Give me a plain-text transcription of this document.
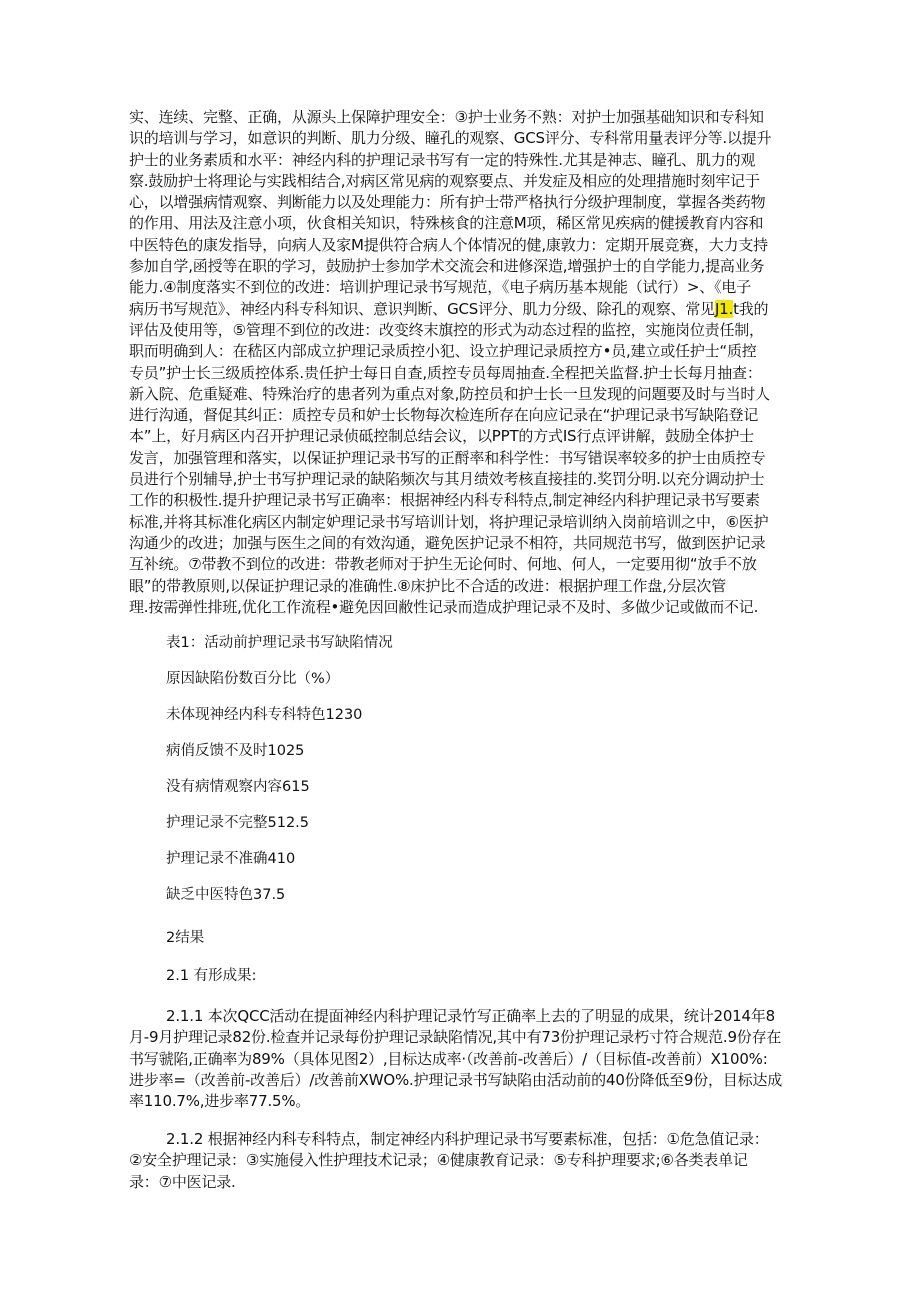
实、连续、完整、正确，从源头上保障护理安全：③护士业务不熟：对护士加强基础知识和专科知
识的培训与学习，如意识的判断、肌力分级、瞳孔的观察、GCS评分、专科常用量表评分等.以提升
护士的业务素质和水平：神经内科的护理记录书写有一定的特殊性.尤其是神志、瞳孔、肌力的观
察.鼓励护士将理论与实践相结合,对病区常见病的观察要点、并发症及相应的处理措施时刻牢记于
心，以增强病情观察、判断能力以及处理能力：所有护士带严格执行分级护理制度，掌握各类药物
的作用、用法及注意小项，伙食相关知识，特殊核食的注意M项，稀区常见疾病的健援教育内容和
中医特色的康发指导，向病人及家M提供符合病人个体情况的健,康敦力：定期开展竞赛，大力支持
参加自学,函授等在职的学习，鼓励护士参加学术交流会和进修深造,增强护士的自学能力,提高业务
能力.④制度落实不到位的改进：培训护理记录书写规范，《电子病历基本规能（试行）>、《电子
病历书写规范》、神经内科专科知识、意识判断、GCS评分、肌力分级、除孔的观察、常见J1.t我的
评估及使用等，⑤管理不到位的改进：改变终末旗控的形式为动态过程的监控，实施岗位责任制，
职而明确到人：在嵇区内部成立护理记录质控小犯、设立护理记录质控方•员,建立或任护士“质控
专员”护士长三级质控体系.贵任护士每日自查,质控专员每周抽查.全程把关监督.护士长每月抽查：
新入院、危重疑难、特殊治疗的患者列为重点对象,防控员和护士长一旦发现的问題要及时与当时人
进行沟通，督促其纠正：质控专员和妒士长物每次检连所存在向应记录在“护理记录书写缺陷登记
本”上，好月病区内召开护理记录侦砥控制总结会议，以PPT的方式IS行点评讲解，鼓励全体护士
发言，加强管理和落实，以保证护理记录书写的正酹率和科学性：书写错误率较多的护士由质控专
员进行个别辅导,护士书写护理记录的缺陷频次与其月绩效考核直接挂的.奖罚分明.以充分调动护士
工作的积极性.提升护理记录书写正确率：根据神经内科专科特点,制定神经内科护理记录书写要素
标准,并将其标准化病区内制定妒理记录书写培训计划，将护理记录培训纳入岗前培训之中，⑥医护
沟通少的改进；加强与医生之间的有效沟通，避免医护记录不相符，共同规范书写，做到医护记录
互补统。⑦带教不到位的改进：带教老师对于护生无论何时、何地、何人，一定要用彻“放手不放
眼”的带教原则,以保证护理记录的准确性.⑧床护比不合适的改进：根据护理工作盘,分层次管
理.按需弹性排班,优化工作流程•避免因回敝性记录而造成护理记录不及时、多做少记或做而不记.

表1：活动前护理记录书写缺陷情况

原因缺陷份数百分比（%）

未体现神经内科专科特色1230

病俏反馈不及时1025

没有病情观察内容615

护理记录不完整512.5

护理记录不准确410

缺乏中医特色37.5

2结果
2.1 有形成果:
2.1.1 本次QCC活动在提面神经内科护理记录竹写正确率上去的了明显的成果，统计2014年8
月-9月护理记录82份.检查并记录每份护理记录缺陷情况,其中有73份护理记录朽寸符合规范.9份存在
书写虢陷,正确率为89%（具体见图2）,目标达成率·（改善前-改善后）/（目标值-改善前）X100%:
进步率=（改善前-改善后）/改善前XWO%.护理记录书写缺陷由活动前的40份降低至9份，目标达成
率110.7%,进步率77.5%。
2.1.2 根据神经内科专科特点，制定神经内科护理记录书写要素标准，包括：①危急值记录：
②安全护理记录：③实施侵入性护理技术记录；④健康教育记录：⑤专科护理要求;⑥各类表单记
录：⑦中医记录.
